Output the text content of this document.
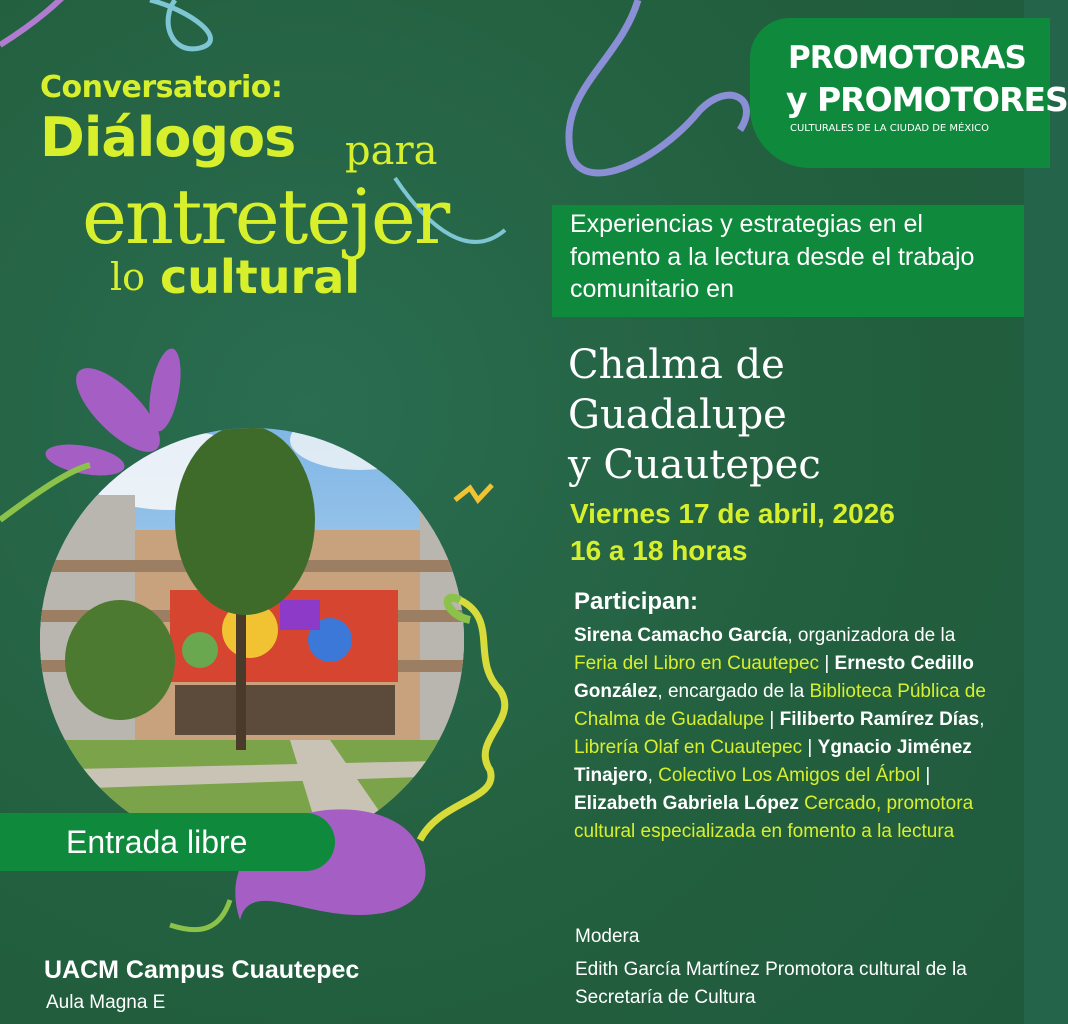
Conversatorio:
Diálogos para
entretejer
lo cultural
PROMOTORAS
y PROMOTORES
CULTURALES DE LA CIUDAD DE MÉXICO
Experiencias y estrategias en el fomento a la lectura desde el trabajo comunitario en
Chalma de
Guadalupe
y Cuautepec
Viernes 17 de abril, 2026
16 a 18 horas
Participan:
Sirena Camacho García, organizadora de la Feria del Libro en Cuautepec | Ernesto Cedillo González, encargado de la Biblioteca Pública de Chalma de Guadalupe | Filiberto Ramírez Días, Librería Olaf en Cuautepec | Ygnacio Jiménez Tinajero, Colectivo Los Amigos del Árbol | Elizabeth Gabriela López Cercado, promotora cultural especializada en fomento a la lectura
Modera
Edith García Martínez Promotora cultural de la Secretaría de Cultura
Entrada libre
UACM Campus Cuautepec
Aula Magna E
